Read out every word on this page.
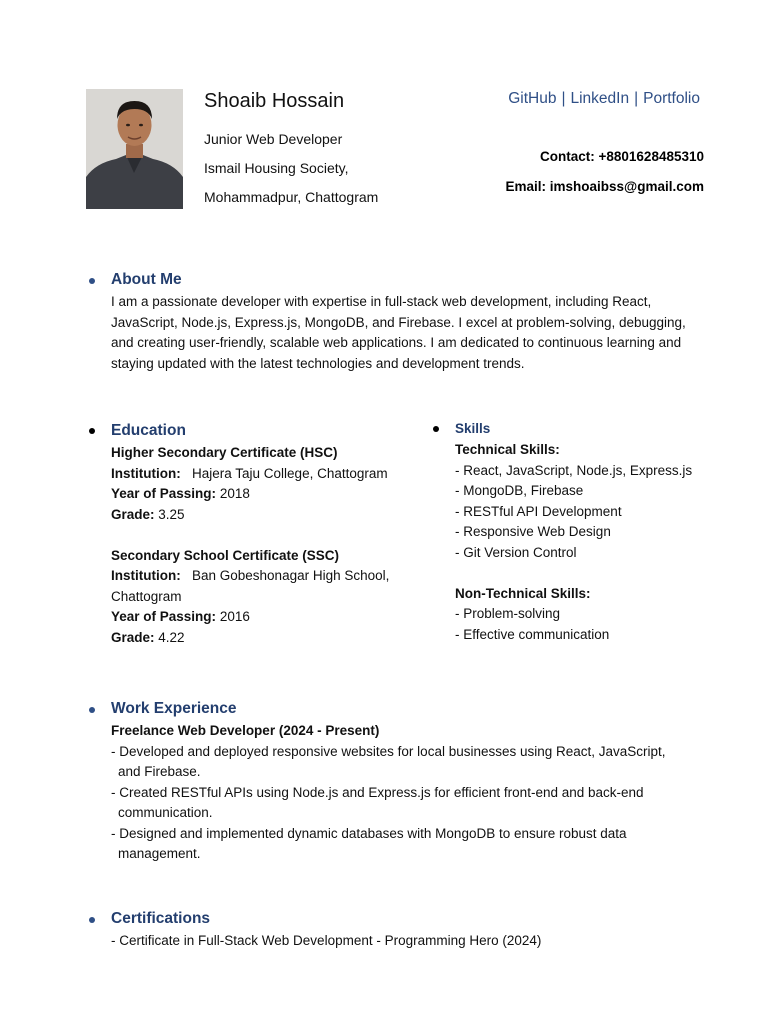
Shoaib Hossain
Junior Web Developer
Ismail Housing Society,
Mohammadpur, Chattogram
GitHub | LinkedIn | Portfolio
Contact: +8801628485310
Email: imshoaibss@gmail.com
About Me
I am a passionate developer with expertise in full-stack web development, including React,
JavaScript, Node.js, Express.js, MongoDB, and Firebase. I excel at problem-solving, debugging,
and creating user-friendly, scalable web applications. I am dedicated to continuous learning and
staying updated with the latest technologies and development trends.
Education
Higher Secondary Certificate (HSC)
Institution: Hajera Taju College, Chattogram
Year of Passing: 2018
Grade: 3.25

Secondary School Certificate (SSC)
Institution: Ban Gobeshonagar High School,
Chattogram
Year of Passing: 2016
Grade: 4.22
Skills
Technical Skills:
- React, JavaScript, Node.js, Express.js
- MongoDB, Firebase
- RESTful API Development
- Responsive Web Design
- Git Version Control

Non-Technical Skills:
- Problem-solving
- Effective communication
Work Experience
Freelance Web Developer (2024 - Present)
- Developed and deployed responsive websites for local businesses using React, JavaScript,
and Firebase.
- Created RESTful APIs using Node.js and Express.js for efficient front-end and back-end
communication.
- Designed and implemented dynamic databases with MongoDB to ensure robust data
management.
Certifications
- Certificate in Full-Stack Web Development - Programming Hero (2024)
